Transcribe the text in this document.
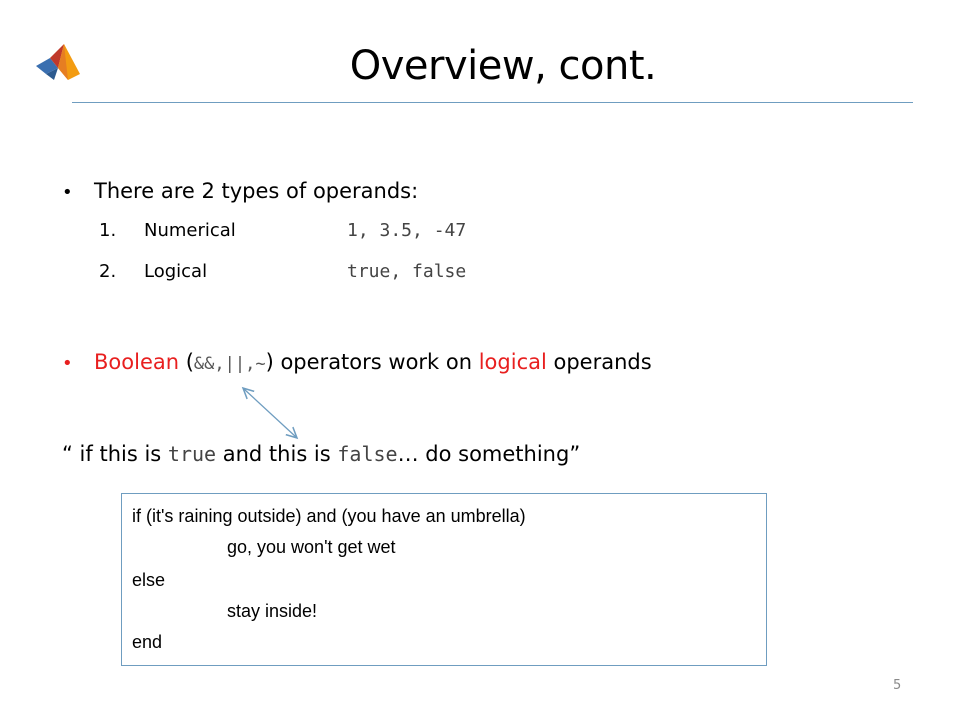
Overview, cont.
• There are 2 types of operands:
1. Numerical	1, 3.5, -47
2. Logical	true, false
• Boolean (&&,||,~) operators work on logical operands
“ if this is true and this is false… do something”
if (it's raining outside) and (you have an umbrella)
go, you won't get wet
else
stay inside!
end
5
